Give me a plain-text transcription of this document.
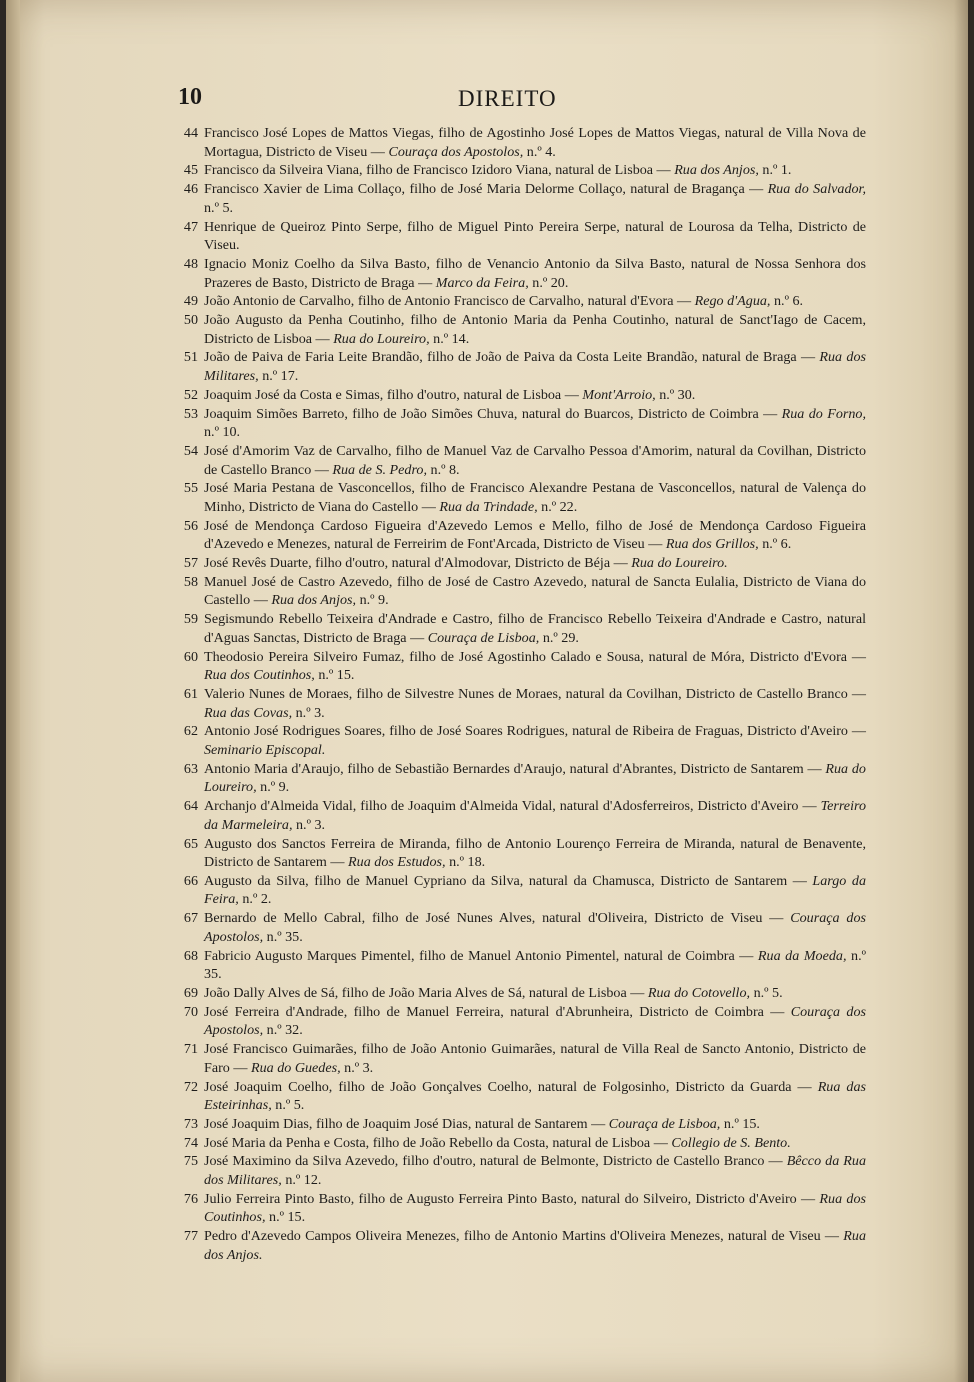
10	DIREITO
44 Francisco José Lopes de Mattos Viegas, filho de Agostinho José Lopes de Mattos Viegas, natural de Villa Nova de Mortagua, Districto de Viseu — Couraça dos Apostolos, n.º 4.
45 Francisco da Silveira Viana, filho de Francisco Izidoro Viana, natural de Lisboa — Rua dos Anjos, n.º 1.
46 Francisco Xavier de Lima Collaço, filho de José Maria Delorme Collaço, natural de Bragança — Rua do Salvador, n.º 5.
47 Henrique de Queiroz Pinto Serpe, filho de Miguel Pinto Pereira Serpe, natural de Lourosa da Telha, Districto de Viseu.
48 Ignacio Moniz Coelho da Silva Basto, filho de Venancio Antonio da Silva Basto, natural de Nossa Senhora dos Prazeres de Basto, Districto de Braga — Marco da Feira, n.º 20.
49 João Antonio de Carvalho, filho de Antonio Francisco de Carvalho, natural d'Evora — Rego d'Agua, n.º 6.
50 João Augusto da Penha Coutinho, filho de Antonio Maria da Penha Coutinho, natural de Sanct'Iago de Cacem, Districto de Lisboa — Rua do Loureiro, n.º 14.
51 João de Paiva de Faria Leite Brandão, filho de João de Paiva da Costa Leite Brandão, natural de Braga — Rua dos Militares, n.º 17.
52 Joaquim José da Costa e Simas, filho d'outro, natural de Lisboa — Mont'Arroio, n.º 30.
53 Joaquim Simões Barreto, filho de João Simões Chuva, natural do Buarcos, Districto de Coimbra — Rua do Forno, n.º 10.
54 José d'Amorim Vaz de Carvalho, filho de Manuel Vaz de Carvalho Pessoa d'Amorim, natural da Covilhan, Districto de Castello Branco — Rua de S. Pedro, n.º 8.
55 José Maria Pestana de Vasconcellos, filho de Francisco Alexandre Pestana de Vasconcellos, natural de Valença do Minho, Districto de Viana do Castello — Rua da Trindade, n.º 22.
56 José de Mendonça Cardoso Figueira d'Azevedo Lemos e Mello, filho de José de Mendonça Cardoso Figueira d'Azevedo e Menezes, natural de Ferreirim de Font'Arcada, Districto de Viseu — Rua dos Grillos, n.º 6.
57 José Revês Duarte, filho d'outro, natural d'Almodovar, Districto de Béja — Rua do Loureiro.
58 Manuel José de Castro Azevedo, filho de José de Castro Azevedo, natural de Sancta Eulalia, Districto de Viana do Castello — Rua dos Anjos, n.º 9.
59 Segismundo Rebello Teixeira d'Andrade e Castro, filho de Francisco Rebello Teixeira d'Andrade e Castro, natural d'Aguas Sanctas, Districto de Braga — Couraça de Lisboa, n.º 29.
60 Theodosio Pereira Silveiro Fumaz, filho de José Agostinho Calado e Sousa, natural de Móra, Districto d'Evora — Rua dos Coutinhos, n.º 15.
61 Valerio Nunes de Moraes, filho de Silvestre Nunes de Moraes, natural da Covilhan, Districto de Castello Branco — Rua das Covas, n.º 3.
62 Antonio José Rodrigues Soares, filho de José Soares Rodrigues, natural de Ribeira de Fraguas, Districto d'Aveiro — Seminario Episcopal.
63 Antonio Maria d'Araujo, filho de Sebastião Bernardes d'Araujo, natural d'Abrantes, Districto de Santarem — Rua do Loureiro, n.º 9.
64 Archanjo d'Almeida Vidal, filho de Joaquim d'Almeida Vidal, natural d'Adosferreiros, Districto d'Aveiro — Terreiro da Marmeleira, n.º 3.
65 Augusto dos Sanctos Ferreira de Miranda, filho de Antonio Lourenço Ferreira de Miranda, natural de Benavente, Districto de Santarem — Rua dos Estudos, n.º 18.
66 Augusto da Silva, filho de Manuel Cypriano da Silva, natural da Chamusca, Districto de Santarem — Largo da Feira, n.º 2.
67 Bernardo de Mello Cabral, filho de José Nunes Alves, natural d'Oliveira, Districto de Viseu — Couraça dos Apostolos, n.º 35.
68 Fabricio Augusto Marques Pimentel, filho de Manuel Antonio Pimentel, natural de Coimbra — Rua da Moeda, n.º 35.
69 João Dally Alves de Sá, filho de João Maria Alves de Sá, natural de Lisboa — Rua do Cotovello, n.º 5.
70 José Ferreira d'Andrade, filho de Manuel Ferreira, natural d'Abrunheira, Districto de Coimbra — Couraça dos Apostolos, n.º 32.
71 José Francisco Guimarães, filho de João Antonio Guimarães, natural de Villa Real de Sancto Antonio, Districto de Faro — Rua do Guedes, n.º 3.
72 José Joaquim Coelho, filho de João Gonçalves Coelho, natural de Folgosinho, Districto da Guarda — Rua das Esteirinhas, n.º 5.
73 José Joaquim Dias, filho de Joaquim José Dias, natural de Santarem — Couraça de Lisboa, n.º 15.
74 José Maria da Penha e Costa, filho de João Rebello da Costa, natural de Lisboa — Collegio de S. Bento.
75 José Maximino da Silva Azevedo, filho d'outro, natural de Belmonte, Districto de Castello Branco — Bêcco da Rua dos Militares, n.º 12.
76 Julio Ferreira Pinto Basto, filho de Augusto Ferreira Pinto Basto, natural do Silveiro, Districto d'Aveiro — Rua dos Coutinhos, n.º 15.
77 Pedro d'Azevedo Campos Oliveira Menezes, filho de Antonio Martins d'Oliveira Menezes, natural de Viseu — Rua dos Anjos.
